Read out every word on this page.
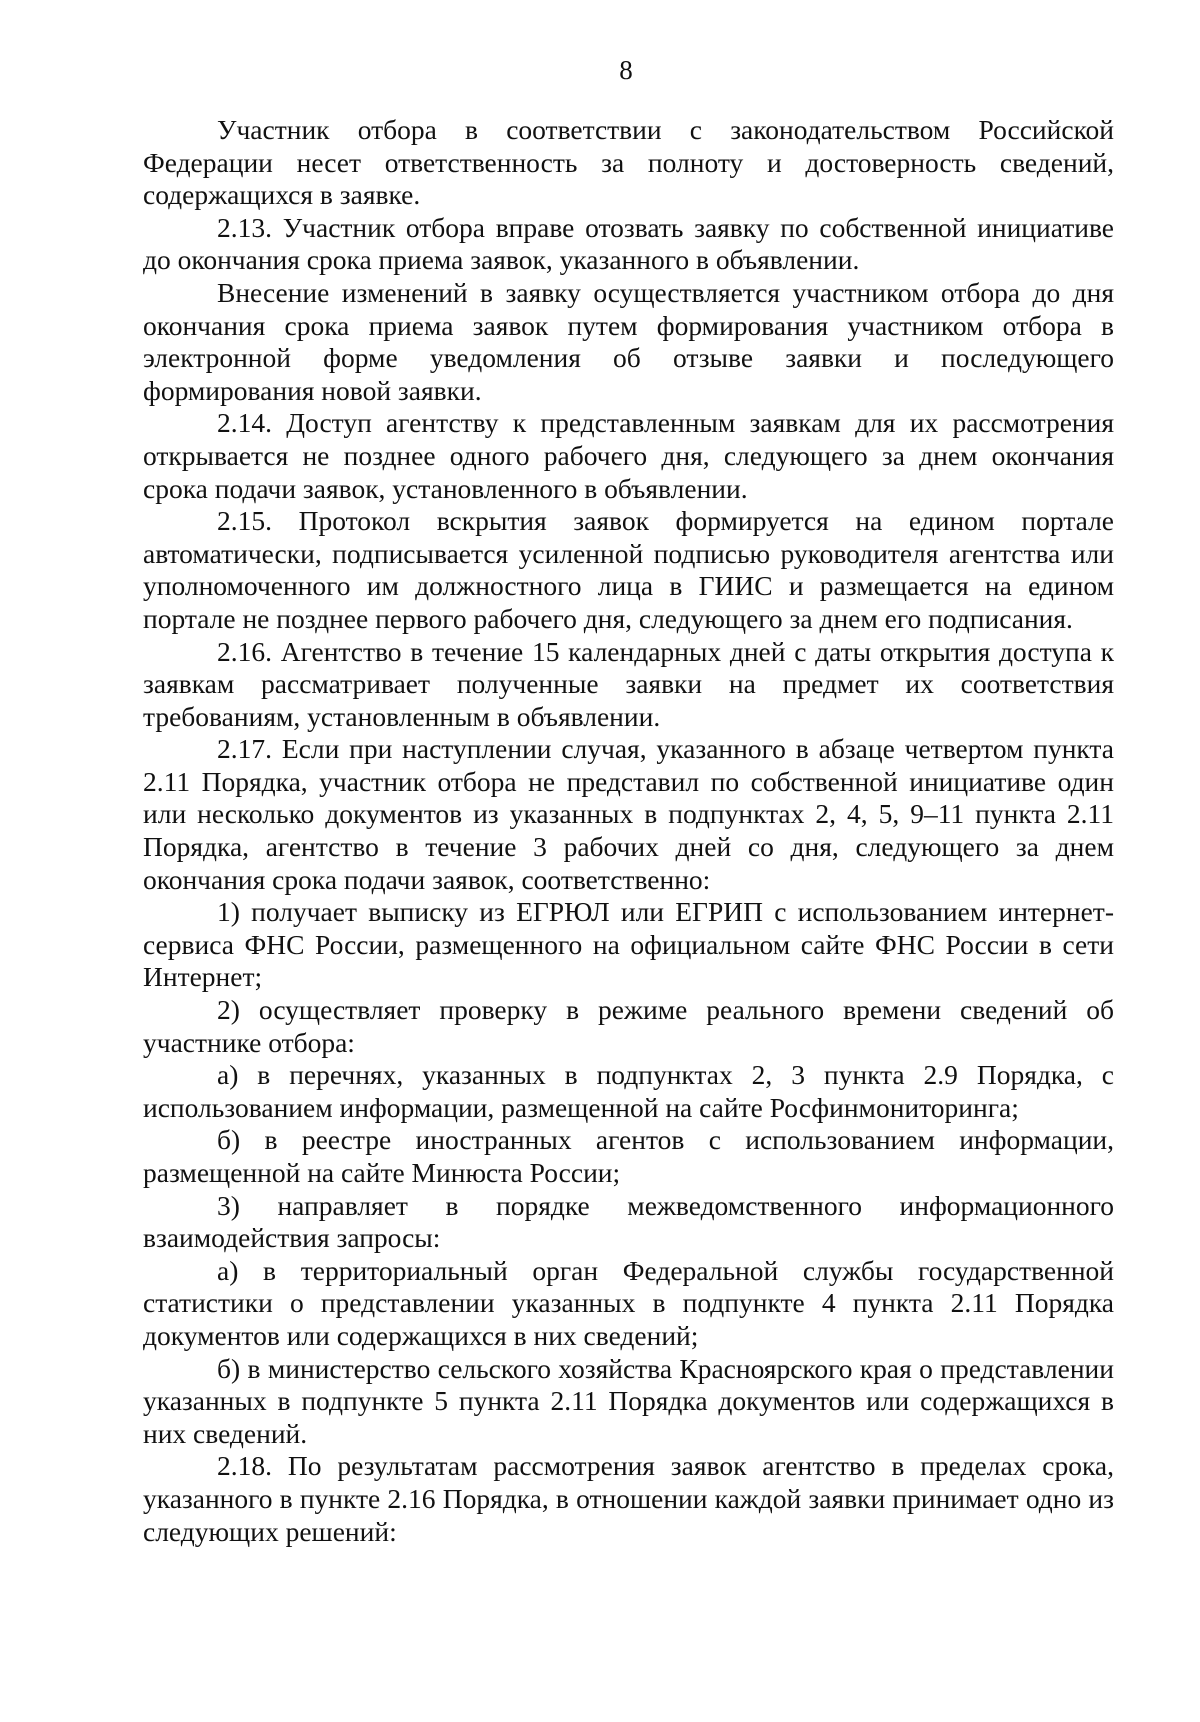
8

Участник отбора в соответствии с законодательством Российской Федерации несет ответственность за полноту и достоверность сведений, содержащихся в заявке.

2.13. Участник отбора вправе отозвать заявку по собственной инициативе до окончания срока приема заявок, указанного в объявлении.

Внесение изменений в заявку осуществляется участником отбора до дня окончания срока приема заявок путем формирования участником отбора в электронной форме уведомления об отзыве заявки и последующего формирования новой заявки.

2.14. Доступ агентству к представленным заявкам для их рассмотрения открывается не позднее одного рабочего дня, следующего за днем окончания срока подачи заявок, установленного в объявлении.

2.15. Протокол вскрытия заявок формируется на едином портале автоматически, подписывается усиленной подписью руководителя агентства или уполномоченного им должностного лица в ГИИС и размещается на едином портале не позднее первого рабочего дня, следующего за днем его подписания.

2.16. Агентство в течение 15 календарных дней с даты открытия доступа к заявкам рассматривает полученные заявки на предмет их соответствия требованиям, установленным в объявлении.

2.17. Если при наступлении случая, указанного в абзаце четвертом пункта 2.11 Порядка, участник отбора не представил по собственной инициативе один или несколько документов из указанных в подпунктах 2, 4, 5, 9–11 пункта 2.11 Порядка, агентство в течение 3 рабочих дней со дня, следующего за днем окончания срока подачи заявок, соответственно:

1) получает выписку из ЕГРЮЛ или ЕГРИП с использованием интернет-сервиса ФНС России, размещенного на официальном сайте ФНС России в сети Интернет;

2) осуществляет проверку в режиме реального времени сведений об участнике отбора:

а) в перечнях, указанных в подпунктах 2, 3 пункта 2.9 Порядка, с использованием информации, размещенной на сайте Росфинмониторинга;

б) в реестре иностранных агентов с использованием информации, размещенной на сайте Минюста России;

3) направляет в порядке межведомственного информационного взаимодействия запросы:

а) в территориальный орган Федеральной службы государственной статистики о представлении указанных в подпункте 4 пункта 2.11 Порядка документов или содержащихся в них сведений;

б) в министерство сельского хозяйства Красноярского края о представлении указанных в подпункте 5 пункта 2.11 Порядка документов или содержащихся в них сведений.

2.18. По результатам рассмотрения заявок агентство в пределах срока, указанного в пункте 2.16 Порядка, в отношении каждой заявки принимает одно из следующих решений:
